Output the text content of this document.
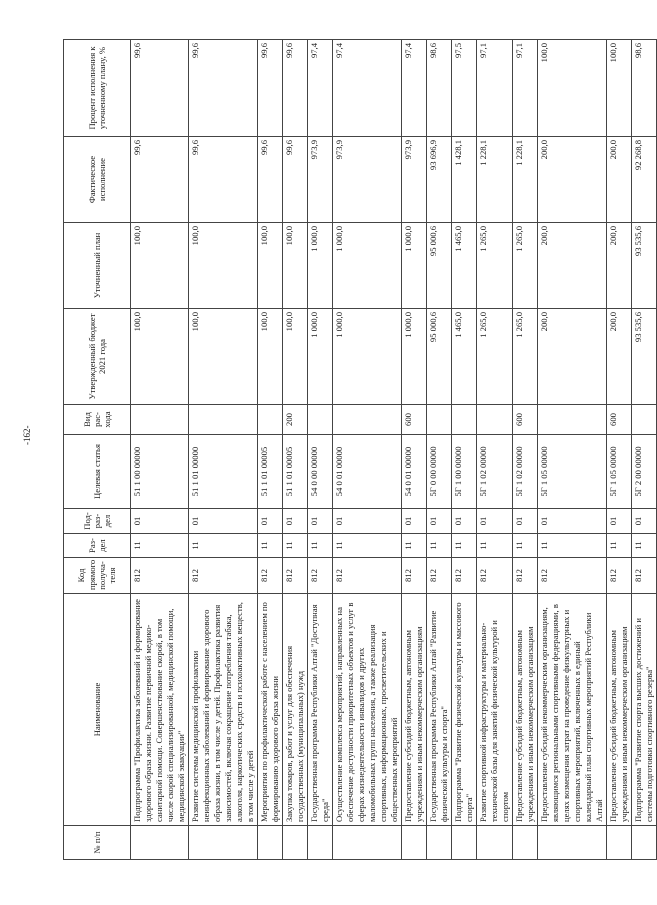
-162-
№ п/п	Наименование	Код прямого получа-теля	Раз-дел	Под-раз-дел	Целевая статья	Вид рас-хода	Утвержденный бюджет 2021 года	Уточненный план	Фактическое исполнение	Процент исполнения к уточненному плану, %
	Подпрограмма "Профилактика заболеваний и формирование здорового образа жизни. Развитие первичной медико-санитарной помощи. Совершенствование скорой, в том числе скорой специализированной, медицинской помощи, медицинской эвакуации"	812	11	01	51 1 00 00000		100,0	100,0	99,6	99,6
	Развитие системы медицинской профилактики неинфекционных заболеваний и формирование здорового образа жизни, в том числе у детей. Профилактика развития зависимостей, включая сокращение потребления табака, алкоголя, наркотических средств и психоактивных веществ, в том числе у детей	812	11	01	51 1 01 00000		100,0	100,0	99,6	99,6
	Мероприятия по профилактической работе с населением по формированию здорового образа жизни	812	11	01	51 1 01 00005		100,0	100,0	99,6	99,6
	Закупка товаров, работ и услуг для обеспечения государственных (муниципальных) нужд	812	11	01	51 1 01 00005	200	100,0	100,0	99,6	99,6
	Государственная программа Республики Алтай "Доступная среда"	812	11	01	54 0 00 00000		1 000,0	1 000,0	973,9	97,4
	Осуществление комплекса мероприятий, направленных на обеспечение доступности приоритетных объектов и услуг в сферах жизнедеятельности инвалидов и других маломобильных групп населения, а также реализация спортивных, информационных, просветительских и общественных мероприятий	812	11	01	54 0 01 00000		1 000,0	1 000,0	973,9	97,4
	Предоставление субсидий бюджетным, автономным учреждениям и иным некоммерческим организациям	812	11	01	54 0 01 00000	600	1 000,0	1 000,0	973,9	97,4
	Государственная программа Республики Алтай "Развитие физической культуры и спорта"	812	11	01	5Г 0 00 00000		95 000,6	95 000,6	93 696,9	98,6
	Подпрограмма "Развитие физической культуры и массового спорта"	812	11	01	5Г 1 00 00000		1 465,0	1 465,0	1 428,1	97,5
	Развитие спортивной инфраструктуры и материально-технической базы для занятий физической культурой и спортом	812	11	01	5Г 1 02 00000		1 265,0	1 265,0	1 228,1	97,1
	Предоставление субсидий бюджетным, автономным учреждениям и иным некоммерческим организациям	812	11	01	5Г 1 02 00000	600	1 265,0	1 265,0	1 228,1	97,1
	Предоставление субсидий некоммерческим организациям, являющимся региональными спортивными федерациями, в целях возмещения затрат на проведение физкультурных и спортивных мероприятий, включенных в единый календарный план спортивных мероприятий Республики Алтай	812	11	01	5Г 1 05 00000		200,0	200,0	200,0	100,0
	Предоставление субсидий бюджетным, автономным учреждениям и иным некоммерческим организациям	812	11	01	5Г 1 05 00000	600	200,0	200,0	200,0	100,0
	Подпрограмма "Развитие спорта высших достижений и системы подготовки спортивного резерва"	812	11	01	5Г 2 00 00000		93 535,6	93 535,6	92 268,8	98,6
